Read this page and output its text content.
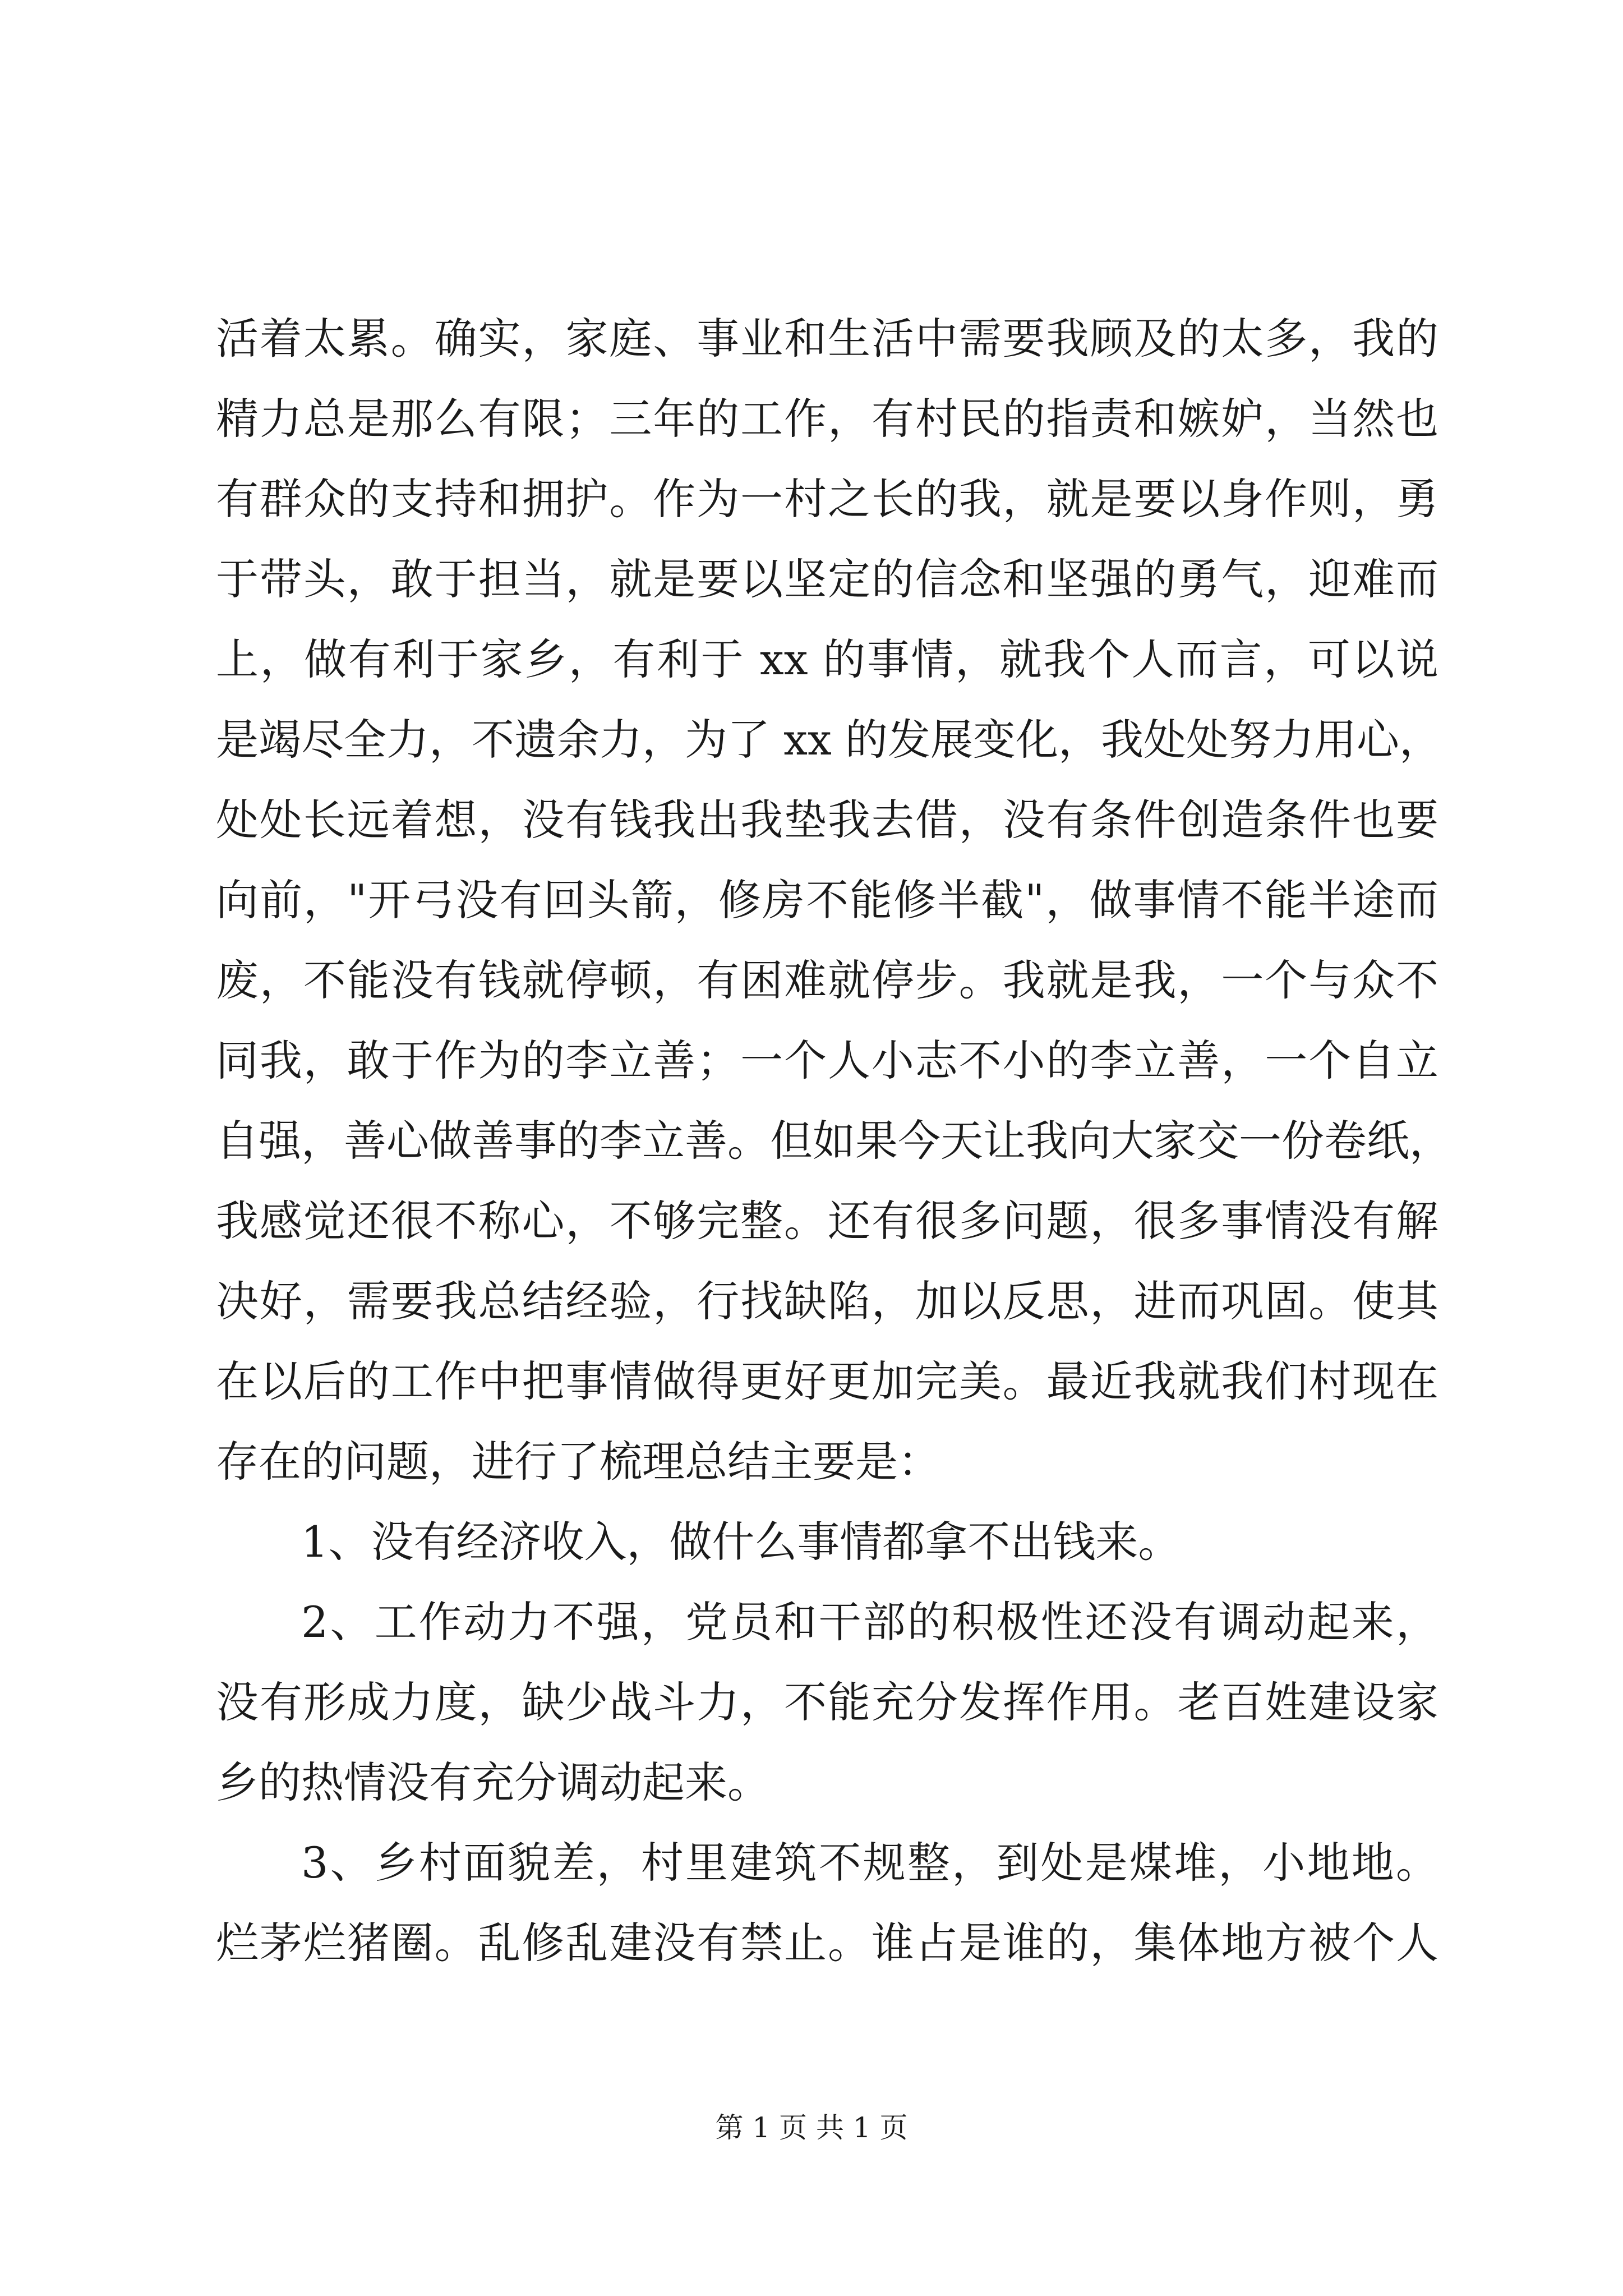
活着太累。确实，家庭、事业和生活中需要我顾及的太多，我的
精力总是那么有限；三年的工作，有村民的指责和嫉妒，当然也
有群众的支持和拥护。作为一村之长的我，就是要以身作则，勇
于带头，敢于担当，就是要以坚定的信念和坚强的勇气，迎难而
上，做有利于家乡，有利于 xx 的事情，就我个人而言，可以说
是竭尽全力，不遗余力，为了 xx 的发展变化，我处处努力用心，
处处长远着想，没有钱我出我垫我去借，没有条件创造条件也要
向前，"开弓没有回头箭，修房不能修半截"，做事情不能半途而
废，不能没有钱就停顿，有困难就停步。我就是我，一个与众不
同我，敢于作为的李立善；一个人小志不小的李立善，一个自立
自强，善心做善事的李立善。但如果今天让我向大家交一份卷纸，
我感觉还很不称心，不够完整。还有很多问题，很多事情没有解
决好，需要我总结经验，行找缺陷，加以反思，进而巩固。使其
在以后的工作中把事情做得更好更加完美。最近我就我们村现在
存在的问题，进行了梳理总结主要是：
1、没有经济收入，做什么事情都拿不出钱来。
2、工作动力不强，党员和干部的积极性还没有调动起来，
没有形成力度，缺少战斗力，不能充分发挥作用。老百姓建设家
乡的热情没有充分调动起来。
3、乡村面貌差，村里建筑不规整，到处是煤堆，小地地。
烂茅烂猪圈。乱修乱建没有禁止。谁占是谁的，集体地方被个人
第 1 页 共 1 页
